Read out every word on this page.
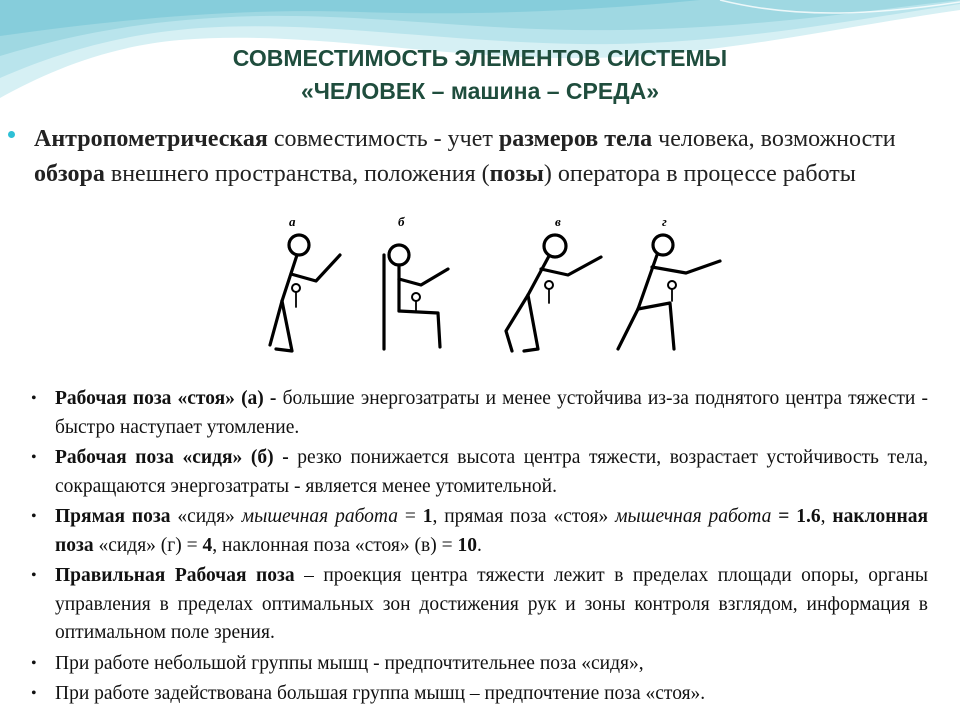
СОВМЕСТИМОСТЬ ЭЛЕМЕНТОВ СИСТЕМЫ
«ЧЕЛОВЕК – машина – СРЕДА»
Антропометрическая совместимость - учет размеров тела человека, возможности обзора внешнего пространства, положения (позы) оператора в процессе работы
а	б	в	г
• Рабочая поза «стоя» (а) - большие энергозатраты и менее устойчива из-за поднятого центра тяжести - быстро наступает утомление.
• Рабочая поза «сидя» (б) - резко понижается высота центра тяжести, возрастает устойчивость тела, сокращаются энергозатраты - является менее утомительной.
• Прямая поза «сидя» мышечная работа = 1, прямая поза «стоя» мышечная работа = 1.6, наклонная поза «сидя» (г) = 4, наклонная поза «стоя» (в) = 10.
• Правильная Рабочая поза – проекция центра тяжести лежит в пределах площади опоры, органы управления в пределах оптимальных зон достижения рук и зоны контроля взглядом, информация в оптимальном поле зрения.
• При работе небольшой группы мышц - предпочтительнее поза «сидя»,
• При работе задействована большая группа мышц – предпочтение поза «стоя».
